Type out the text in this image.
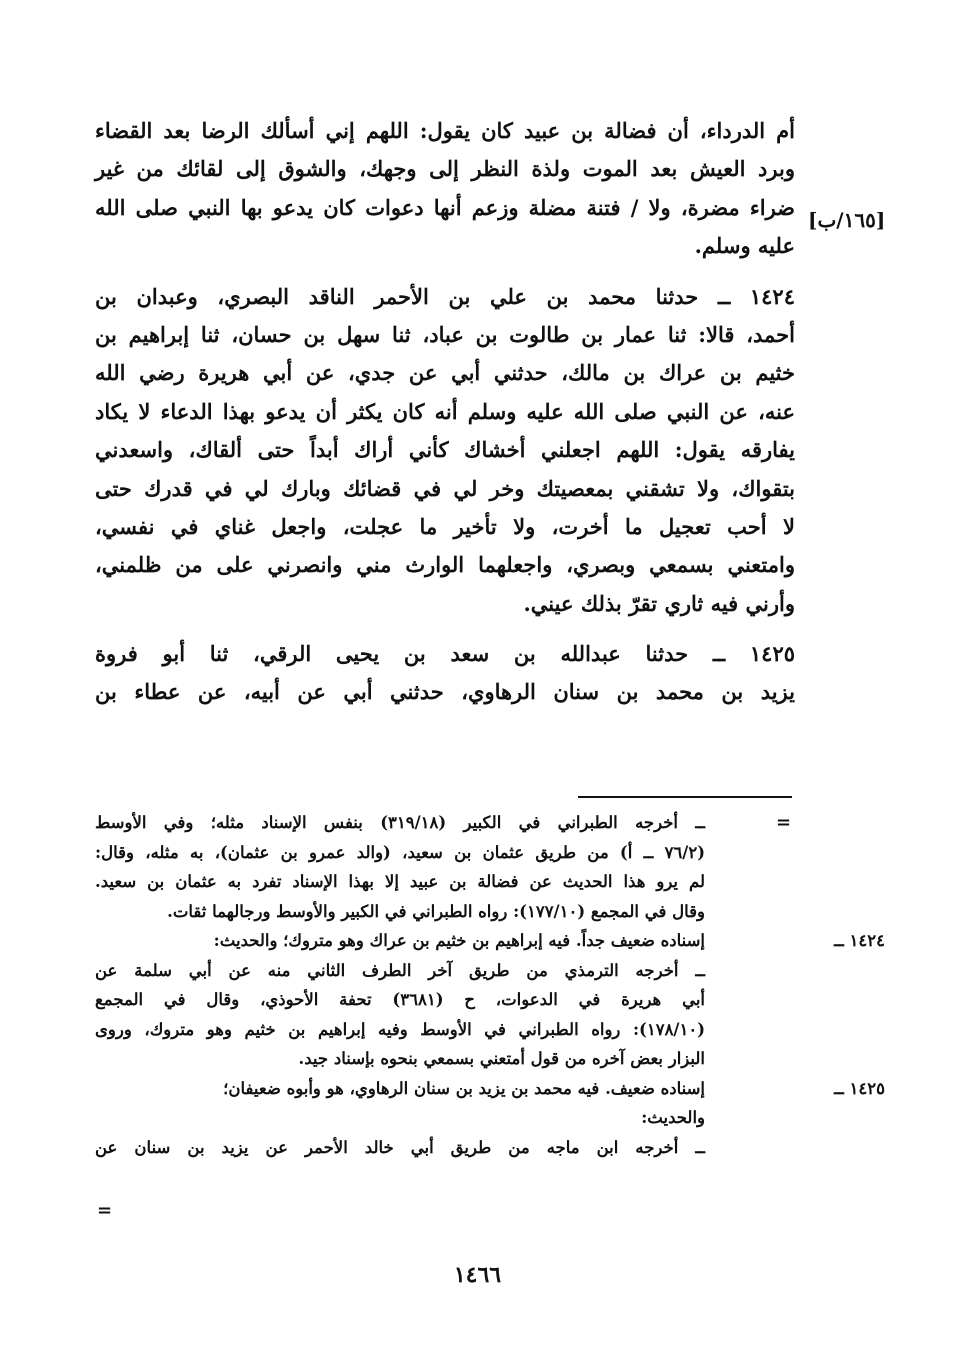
أم الدرداء، أن فضالة بن عبيد كان يقول: اللهم إني أسألك الرضا بعد القضاء
وبرد العيش بعد الموت ولذة النظر إلى وجهك، والشوق إلى لقائك من غير
ضراء مضرة، ولا / فتنة مضلة وزعم أنها دعوات كان يدعو بها النبي صلى الله
عليه وسلم.
١٤٢٤ ــ حدثنا محمد بن علي بن الأحمر الناقد البصري، وعبدان بن
أحمد، قالا: ثنا عمار بن طالوت بن عباد، ثنا سهل بن حسان، ثنا إبراهيم بن
خثيم بن عراك بن مالك، حدثني أبي عن جدي، عن أبي هريرة رضي الله
عنه، عن النبي صلى الله عليه وسلم أنه كان يكثر أن يدعو بهذا الدعاء لا يكاد
يفارقه يقول: اللهم اجعلني أخشاك كأني أراك أبداً حتى ألقاك، واسعدني
بتقواك، ولا تشقني بمعصيتك وخر لي في قضائك وبارك لي في قدرك حتى
لا أحب تعجيل ما أخرت، ولا تأخير ما عجلت، واجعل غناي في نفسي،
وامتعني بسمعي وبصري، واجعلهما الوارث مني وانصرني على من ظلمني،
وأرني فيه ثاري تقرّ بذلك عيني.
١٤٢٥ ــ حدثنا عبدالله بن سعد بن يحيى الرقي، ثنا أبو فروة
يزيد بن محمد بن سنان الرهاوي، حدثني أبي عن أبيه، عن عطاء بن
[١٦٥/ب]
=
ــ أخرجه الطبراني في الكبير (٣١٩/١٨) بنفس الإسناد مثله؛ وفي الأوسط
(٧٦/٢ ــ أ) من طريق عثمان بن سعيد، (والد عمرو بن عثمان)، به مثله، وقال:
لم يرو هذا الحديث عن فضالة بن عبيد إلا بهذا الإسناد تفرد به عثمان بن سعيد.
وقال في المجمع (١٧٧/١٠): رواه الطبراني في الكبير والأوسط ورجالهما ثقات.
١٤٢٤ ــإسناده ضعيف جداً. فيه إبراهيم بن خثيم بن عراك وهو متروك؛ والحديث:
ــ أخرجه الترمذي من طريق آخر الطرف الثاني منه عن أبي سلمة عن
أبي هريرة في الدعوات، ح (٣٦٨١) تحفة الأحوذي، وقال في المجمع
(١٧٨/١٠): رواه الطبراني في الأوسط وفيه إبراهيم بن خثيم وهو متروك، وروى
البزار بعض آخره من قول أمتعني بسمعي بنحوه بإسناد جيد.
١٤٢٥ ــإسناده ضعيف. فيه محمد بن يزيد بن سنان الرهاوي، هو وأبوه ضعيفان؛
والحديث:
ــ أخرجه ابن ماجه من طريق أبي خالد الأحمر عن يزيد بن سنان عن
=
١٤٦٦
